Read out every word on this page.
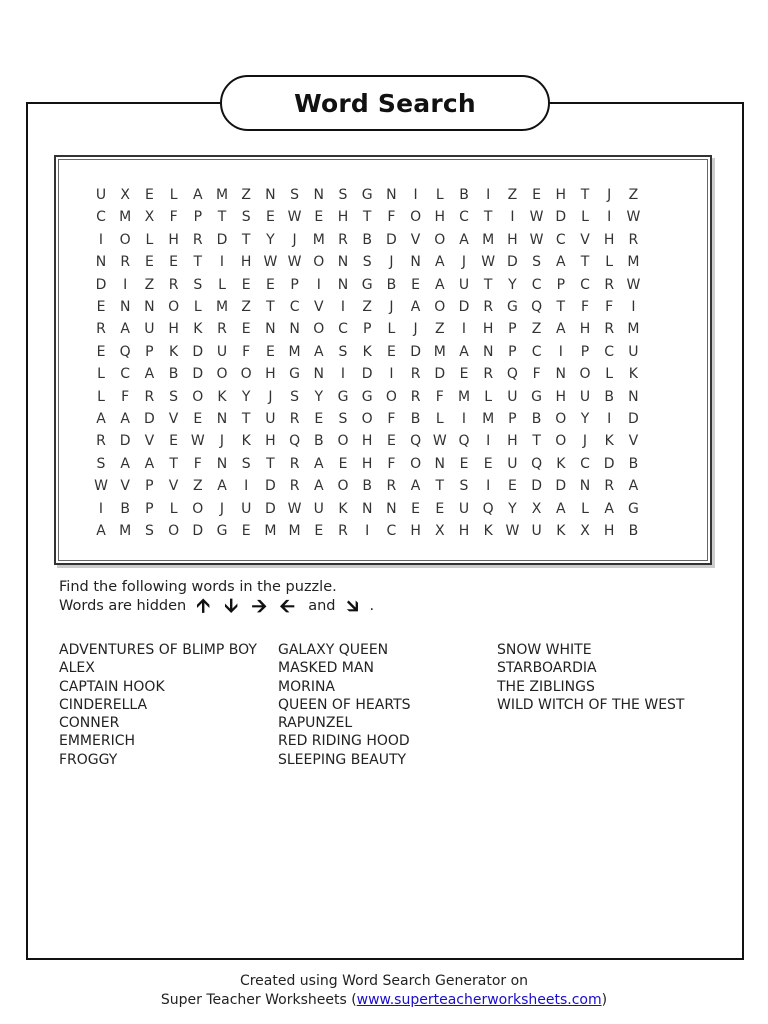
Word Search
U	X	E	L	A M Z	N	S	N	S	G N	I	L	B	I	Z	E	H	T	J	Z
C M X	F	P	T	S	E W E	H	T	F	O H	C	T	I	W D	L	I	W
I	O	L	H	R D	T	Y	J	M R	B	D	V O A M H W C	V	H	R
N	R	E	E	T	I	H W W O N	S	J	N	A	J	W D	S	A	T	L	M
D	I	Z	R	S	L	E	E	P	I	N G B	E	A	U	T	Y	C	P	C	R W
E	N N O	L	M Z	T	C	V	I	Z	J	A O D R G Q	T	F	F	I
R	A	U H	K	R	E	N N O C	P	L	J	Z	I	H	P	Z	A	H	R M
E	Q	P	K	D U	F	E M A	S	K	E	D M A	N	P	C	I	P	C	U
L	C	A	B	D O O H G N	I	D	I	R D	E	R Q	F	N O	L	K
L	F	R	S	O	K	Y	J	S	Y	G G O R	F	M	L	U G H U	B	N
A	A	D	V	E	N	T	U	R	E	S	O	F	B	L	I	M P	B O	Y	I	D
R D	V	E W	J	K	H Q B O H	E	Q W Q	I	H	T	O	J	K	V
S	A	A	T	F	N	S	T	R	A	E	H	F	O N	E	E	U Q	K	C D	B
W V	P	V	Z	A	I	D R	A O B	R	A	T	S	I	E	D D N	R	A
I	B	P	L	O	J	U D W U	K	N N	E	E	U Q	Y	X	A	L	A G
A M S	O D G	E M M E	R	I	C	H	X	H	K W U	K	X	H	B
Find the following words in the puzzle.
Words are hidden 🡩 🡫 🡪 🡨 and 🡮 .
ADVENTURES OF BLIMP BOY
ALEX
CAPTAIN HOOK
CINDERELLA
CONNER
EMMERICH
FROGGY
GALAXY QUEEN
MASKED MAN
MORINA
QUEEN OF HEARTS
RAPUNZEL
RED RIDING HOOD
SLEEPING BEAUTY
SNOW WHITE
STARBOARDIA
THE ZIBLINGS
WILD WITCH OF THE WEST
Created using Word Search Generator on
Super Teacher Worksheets (www.superteacherworksheets.com)
